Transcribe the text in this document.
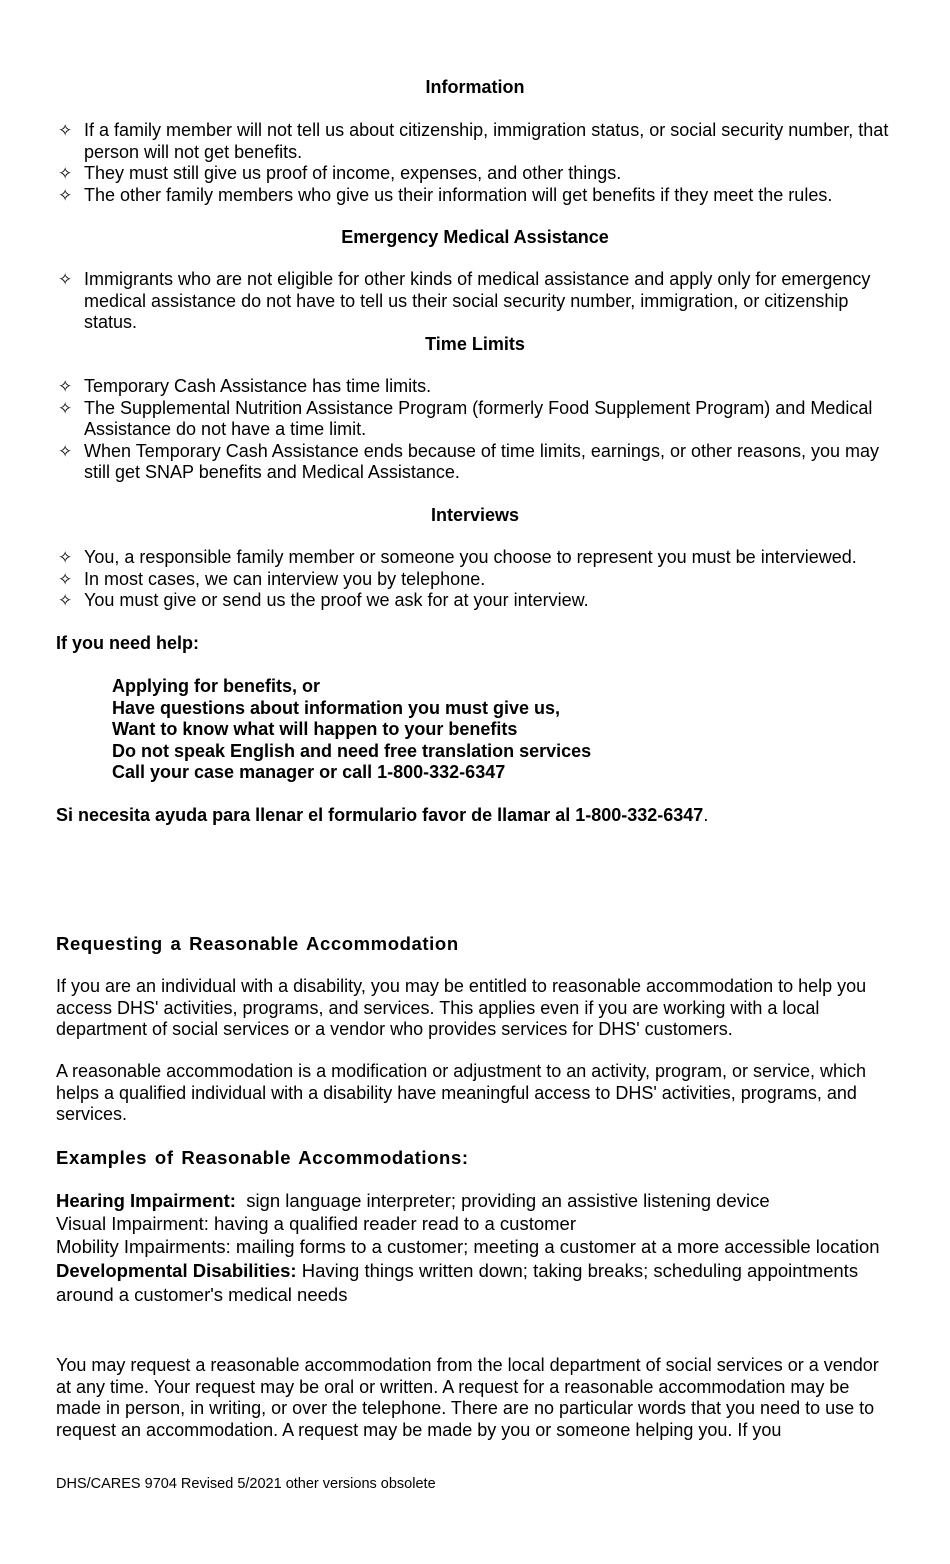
Information
✧ If a family member will not tell us about citizenship, immigration status, or social security number, that person will not get benefits.
✧ They must still give us proof of income, expenses, and other things.
✧ The other family members who give us their information will get benefits if they meet the rules.
Emergency Medical Assistance
✧ Immigrants who are not eligible for other kinds of medical assistance and apply only for emergency medical assistance do not have to tell us their social security number, immigration, or citizenship status.
Time Limits
✧ Temporary Cash Assistance has time limits.
✧ The Supplemental Nutrition Assistance Program (formerly Food Supplement Program) and Medical Assistance do not have a time limit.
✧ When Temporary Cash Assistance ends because of time limits, earnings, or other reasons, you may still get SNAP benefits and Medical Assistance.
Interviews
✧ You, a responsible family member or someone you choose to represent you must be interviewed.
✧ In most cases, we can interview you by telephone.
✧ You must give or send us the proof we ask for at your interview.
If you need help:
Applying for benefits, or
Have questions about information you must give us,
Want to know what will happen to your benefits
Do not speak English and need free translation services
Call your case manager or call 1-800-332-6347
Si necesita ayuda para llenar el formulario favor de llamar al 1-800-332-6347.
Requesting a Reasonable Accommodation
If you are an individual with a disability, you may be entitled to reasonable accommodation to help you access DHS' activities, programs, and services. This applies even if you are working with a local department of social services or a vendor who provides services for DHS' customers.
A reasonable accommodation is a modification or adjustment to an activity, program, or service, which helps a qualified individual with a disability have meaningful access to DHS' activities, programs, and services.
Examples of Reasonable Accommodations:
Hearing Impairment: sign language interpreter; providing an assistive listening device
Visual Impairment: having a qualified reader read to a customer
Mobility Impairments: mailing forms to a customer; meeting a customer at a more accessible location
Developmental Disabilities: Having things written down; taking breaks; scheduling appointments around a customer's medical needs
You may request a reasonable accommodation from the local department of social services or a vendor at any time. Your request may be oral or written. A request for a reasonable accommodation may be made in person, in writing, or over the telephone. There are no particular words that you need to use to request an accommodation. A request may be made by you or someone helping you. If you
DHS/CARES 9704 Revised 5/2021 other versions obsolete
